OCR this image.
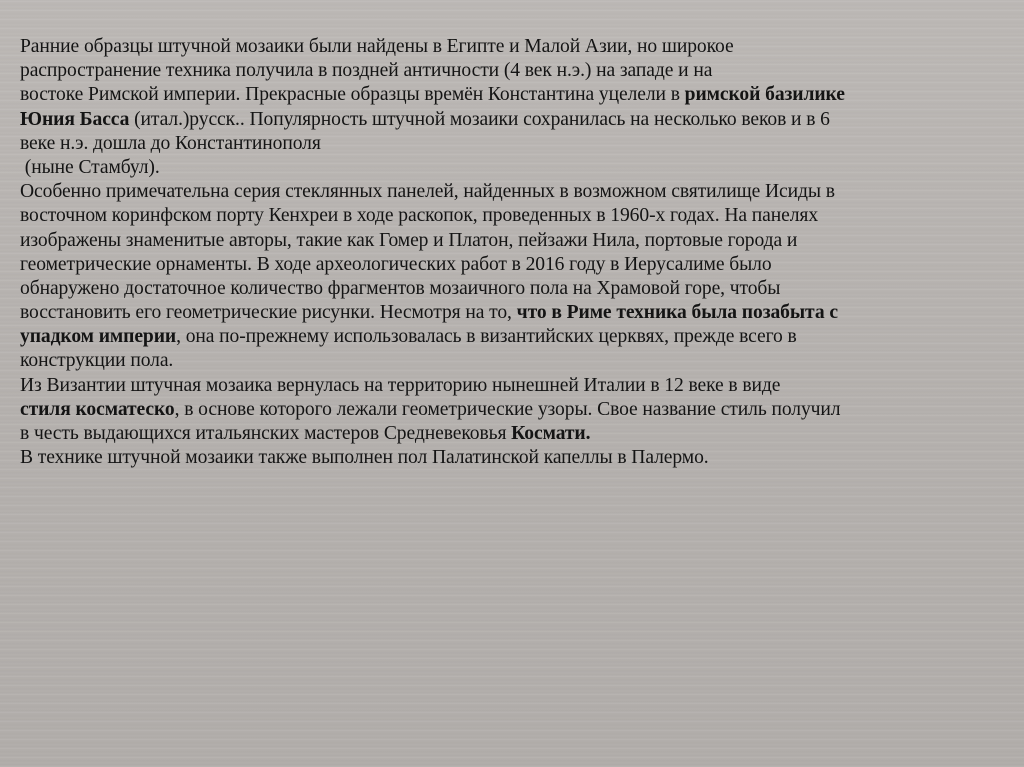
Ранние образцы штучной мозаики были найдены в Египте и Малой Азии, но широкое
распространение техника получила в поздней античности (4 век н.э.) на западе и на
востоке Римской империи. Прекрасные образцы времён Константина уцелели в римской базилике
Юния Басса (итал.)русск.. Популярность штучной мозаики сохранилась на несколько веков и в 6
веке н.э. дошла до Константинополя
(ныне Стамбул).
Особенно примечательна серия стеклянных панелей, найденных в возможном святилище Исиды в
восточном коринфском порту Кенхреи в ходе раскопок, проведенных в 1960-х годах. На панелях
изображены знаменитые авторы, такие как Гомер и Платон, пейзажи Нила, портовые города и
геометрические орнаменты. В ходе археологических работ в 2016 году в Иерусалиме было
обнаружено достаточное количество фрагментов мозаичного пола на Храмовой горе, чтобы
восстановить его геометрические рисунки. Несмотря на то, что в Риме техника была позабыта с
упадком империи, она по-прежнему использовалась в византийских церквях, прежде всего в
конструкции пола.
Из Византии штучная мозаика вернулась на территорию нынешней Италии в 12 веке в виде
стиля косматеско, в основе которого лежали геометрические узоры. Свое название стиль получил
в честь выдающихся итальянских мастеров Средневековья Космати.
В технике штучной мозаики также выполнен пол Палатинской капеллы в Палермо.
